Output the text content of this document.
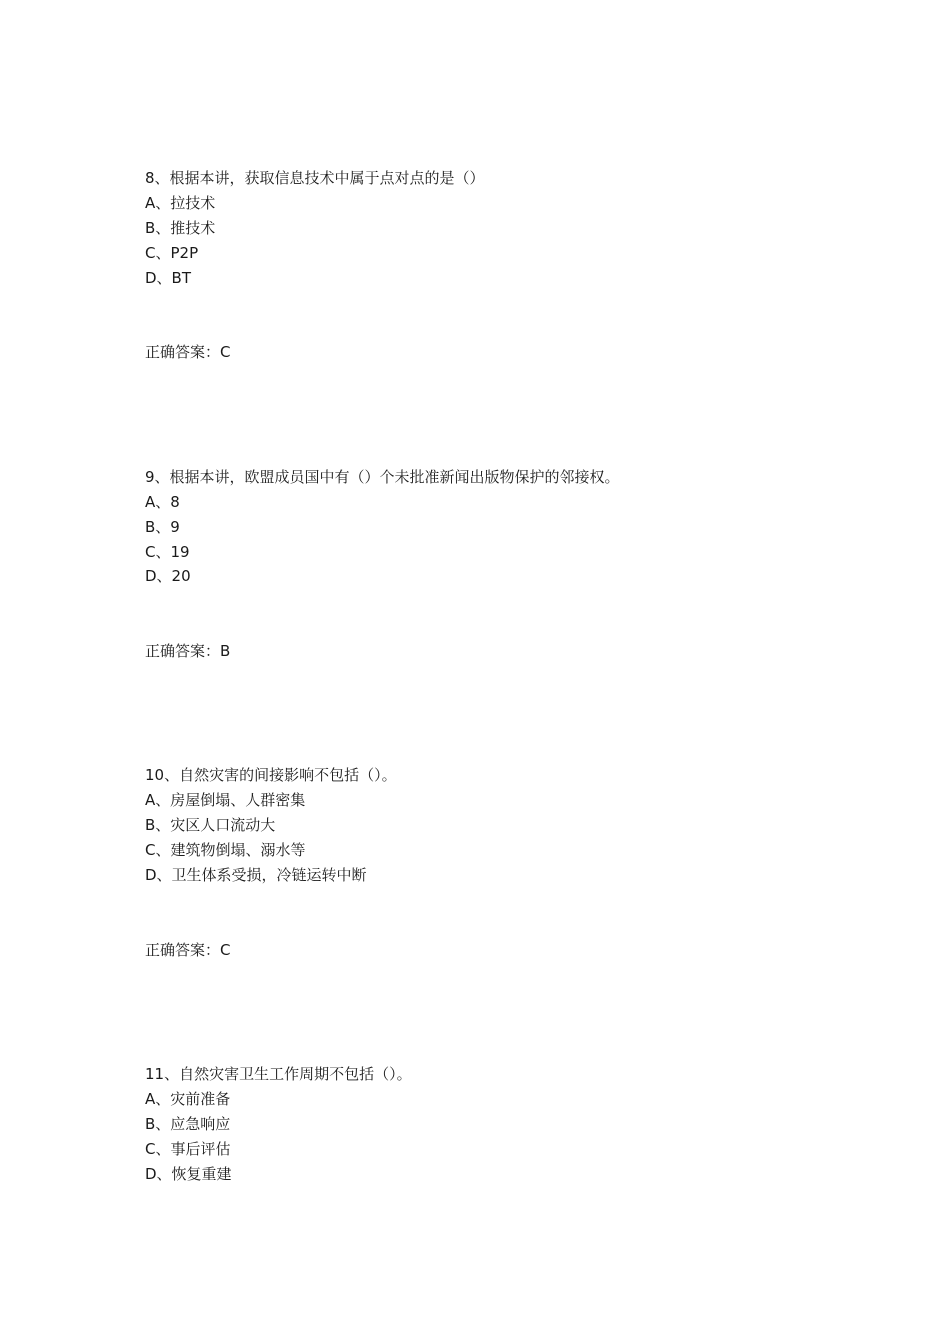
8、根据本讲，获取信息技术中属于点对点的是（）
A、拉技术
B、推技术
C、P2P
D、BT
正确答案：C
9、根据本讲，欧盟成员国中有（）个未批准新闻出版物保护的邻接权。
A、8
B、9
C、19
D、20
正确答案：B
10、自然灾害的间接影响不包括（）。
A、房屋倒塌、人群密集
B、灾区人口流动大
C、建筑物倒塌、溺水等
D、卫生体系受损，冷链运转中断
正确答案：C
11、自然灾害卫生工作周期不包括（）。
A、灾前准备
B、应急响应
C、事后评估
D、恢复重建
